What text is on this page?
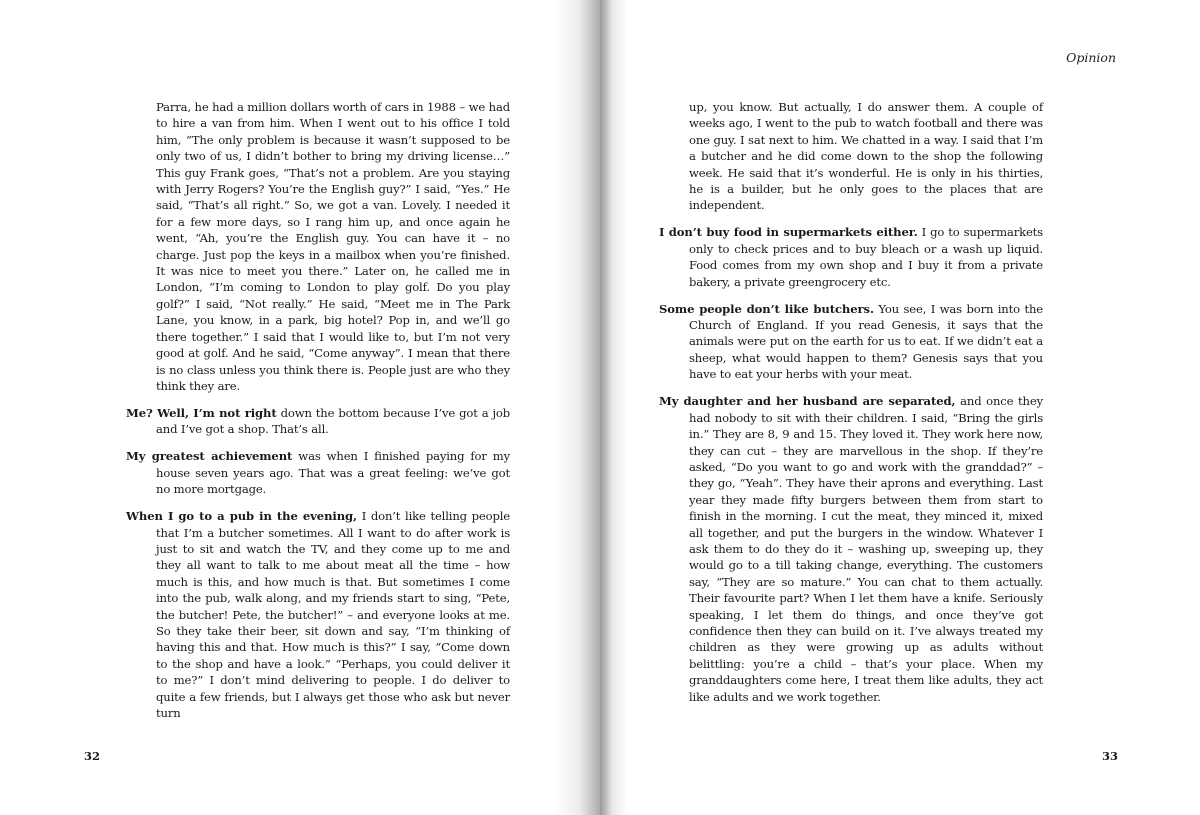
Parra, he had a million dollars worth of cars in 1988 – we had to hire a van from him. When I went out to his office I told him, “The only problem is because it wasn’t supposed to be only two of us, I didn’t bother to bring my driving license…” This guy Frank goes, “That’s not a problem. Are you staying with Jerry Rogers? You’re the English guy?” I said, “Yes.” He said, “That’s all right.” So, we got a van. Lovely. I needed it for a few more days, so I rang him up, and once again he went, “Ah, you’re the English guy. You can have it – no charge. Just pop the keys in a mailbox when you’re finished. It was nice to meet you there.” Later on, he called me in London, “I’m coming to London to play golf. Do you play golf?” I said, “Not really.” He said, “Meet me in The Park Lane, you know, in a park, big hotel? Pop in, and we’ll go there together.” I said that I would like to, but I’m not very good at golf. And he said, “Come anyway”. I mean that there is no class unless you think there is. People just are who they think they are.

Me? Well, I’m not right down the bottom because I’ve got a job and I’ve got a shop. That’s all.

My greatest achievement was when I finished paying for my house seven years ago. That was a great feeling: we’ve got no more mortgage.

When I go to a pub in the evening, I don’t like telling people that I’m a butcher sometimes. All I want to do after work is just to sit and watch the TV, and they come up to me and they all want to talk to me about meat all the time – how much is this, and how much is that. But sometimes I come into the pub, walk along, and my friends start to sing, “Pete, the butcher! Pete, the butcher!” – and everyone looks at me. So they take their beer, sit down and say, “I’m thinking of having this and that. How much is this?” I say, “Come down to the shop and have a look.” “Perhaps, you could deliver it to me?” I don’t mind delivering to people. I do deliver to quite a few friends, but I always get those who ask but never turn

32
Opinion

up, you know. But actually, I do answer them. A couple of weeks ago, I went to the pub to watch football and there was one guy. I sat next to him. We chatted in a way. I said that I’m a butcher and he did come down to the shop the following week. He said that it’s wonderful. He is only in his thirties, he is a builder, but he only goes to the places that are independent.

I don’t buy food in supermarkets either. I go to supermarkets only to check prices and to buy bleach or a wash up liquid. Food comes from my own shop and I buy it from a private bakery, a private greengrocery etc.

Some people don’t like butchers. You see, I was born into the Church of England. If you read Genesis, it says that the animals were put on the earth for us to eat. If we didn’t eat a sheep, what would happen to them? Genesis says that you have to eat your herbs with your meat.

My daughter and her husband are separated, and once they had nobody to sit with their children. I said, “Bring the girls in.” They are 8, 9 and 15. They loved it. They work here now, they can cut – they are marvellous in the shop. If they’re asked, “Do you want to go and work with the granddad?” – they go, “Yeah”. They have their aprons and everything. Last year they made fifty burgers between them from start to finish in the morning. I cut the meat, they minced it, mixed all together, and put the burgers in the window. Whatever I ask them to do they do it – washing up, sweeping up, they would go to a till taking change, everything. The customers say, “They are so mature.” You can chat to them actually. Their favourite part? When I let them have a knife. Seriously speaking, I let them do things, and once they’ve got confidence then they can build on it. I’ve always treated my children as they were growing up as adults without belittling: you’re a child – that’s your place. When my granddaughters come here, I treat them like adults, they act like adults and we work together.

33
